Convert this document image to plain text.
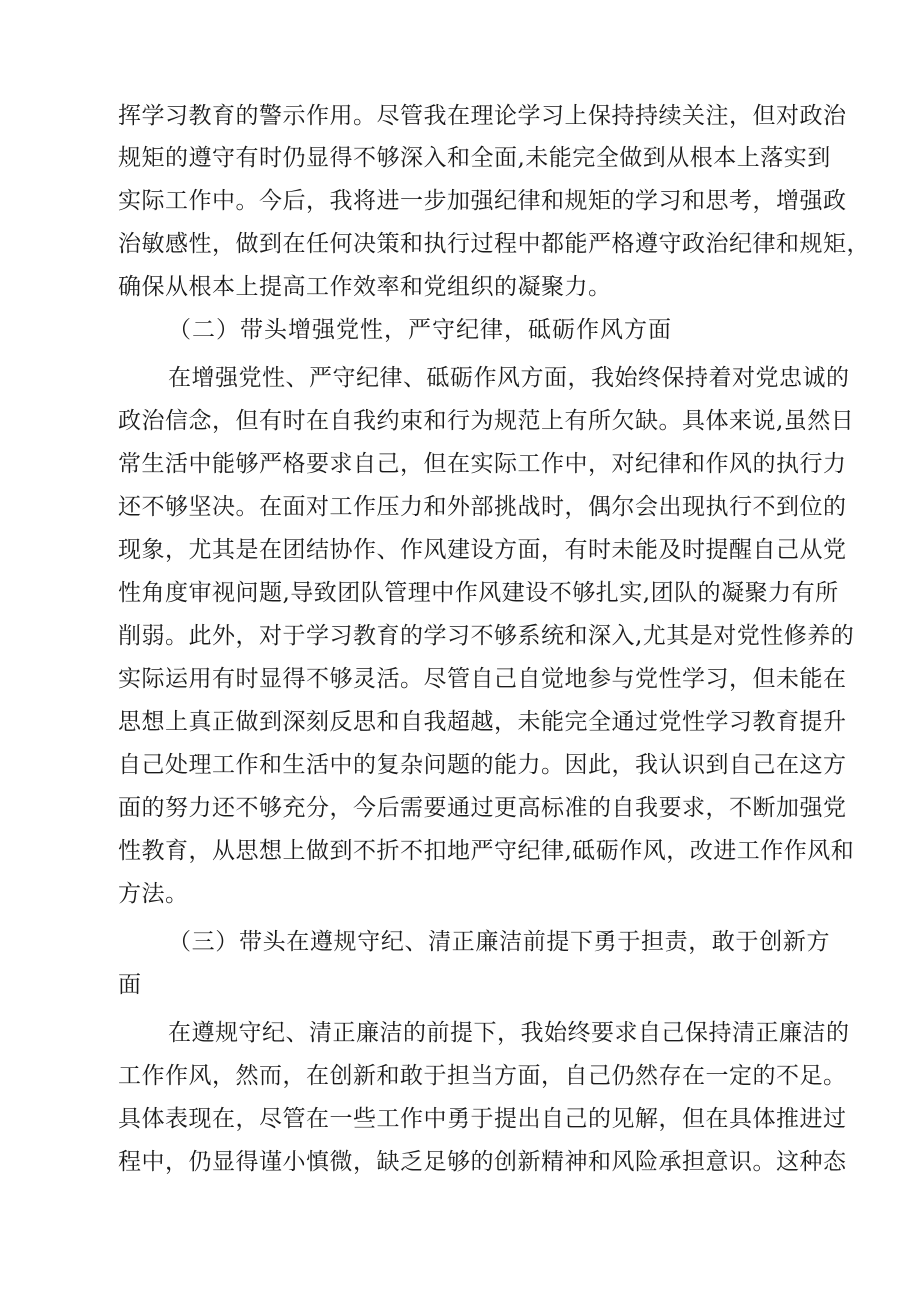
挥学习教育的警示作用。尽管我在理论学习上保持持续关注，但对政治
规矩的遵守有时仍显得不够深入和全面,未能完全做到从根本上落实到
实际工作中。今后，我将进一步加强纪律和规矩的学习和思考，增强政
治敏感性，做到在任何决策和执行过程中都能严格遵守政治纪律和规矩，
确保从根本上提高工作效率和党组织的凝聚力。
（二）带头增强党性，严守纪律，砥砺作风方面
在增强党性、严守纪律、砥砺作风方面，我始终保持着对党忠诚的
政治信念，但有时在自我约束和行为规范上有所欠缺。具体来说,虽然日
常生活中能够严格要求自己，但在实际工作中，对纪律和作风的执行力
还不够坚决。在面对工作压力和外部挑战时，偶尔会出现执行不到位的
现象，尤其是在团结协作、作风建设方面，有时未能及时提醒自己从党
性角度审视问题,导致团队管理中作风建设不够扎实,团队的凝聚力有所
削弱。此外，对于学习教育的学习不够系统和深入,尤其是对党性修养的
实际运用有时显得不够灵活。尽管自己自觉地参与党性学习，但未能在
思想上真正做到深刻反思和自我超越，未能完全通过党性学习教育提升
自己处理工作和生活中的复杂问题的能力。因此，我认识到自己在这方
面的努力还不够充分，今后需要通过更高标准的自我要求，不断加强党
性教育，从思想上做到不折不扣地严守纪律,砥砺作风，改进工作作风和
方法。
（三）带头在遵规守纪、清正廉洁前提下勇于担责，敢于创新方
面
在遵规守纪、清正廉洁的前提下，我始终要求自己保持清正廉洁的
工作作风，然而，在创新和敢于担当方面，自己仍然存在一定的不足。
具体表现在，尽管在一些工作中勇于提出自己的见解，但在具体推进过
程中，仍显得谨小慎微，缺乏足够的创新精神和风险承担意识。这种态
